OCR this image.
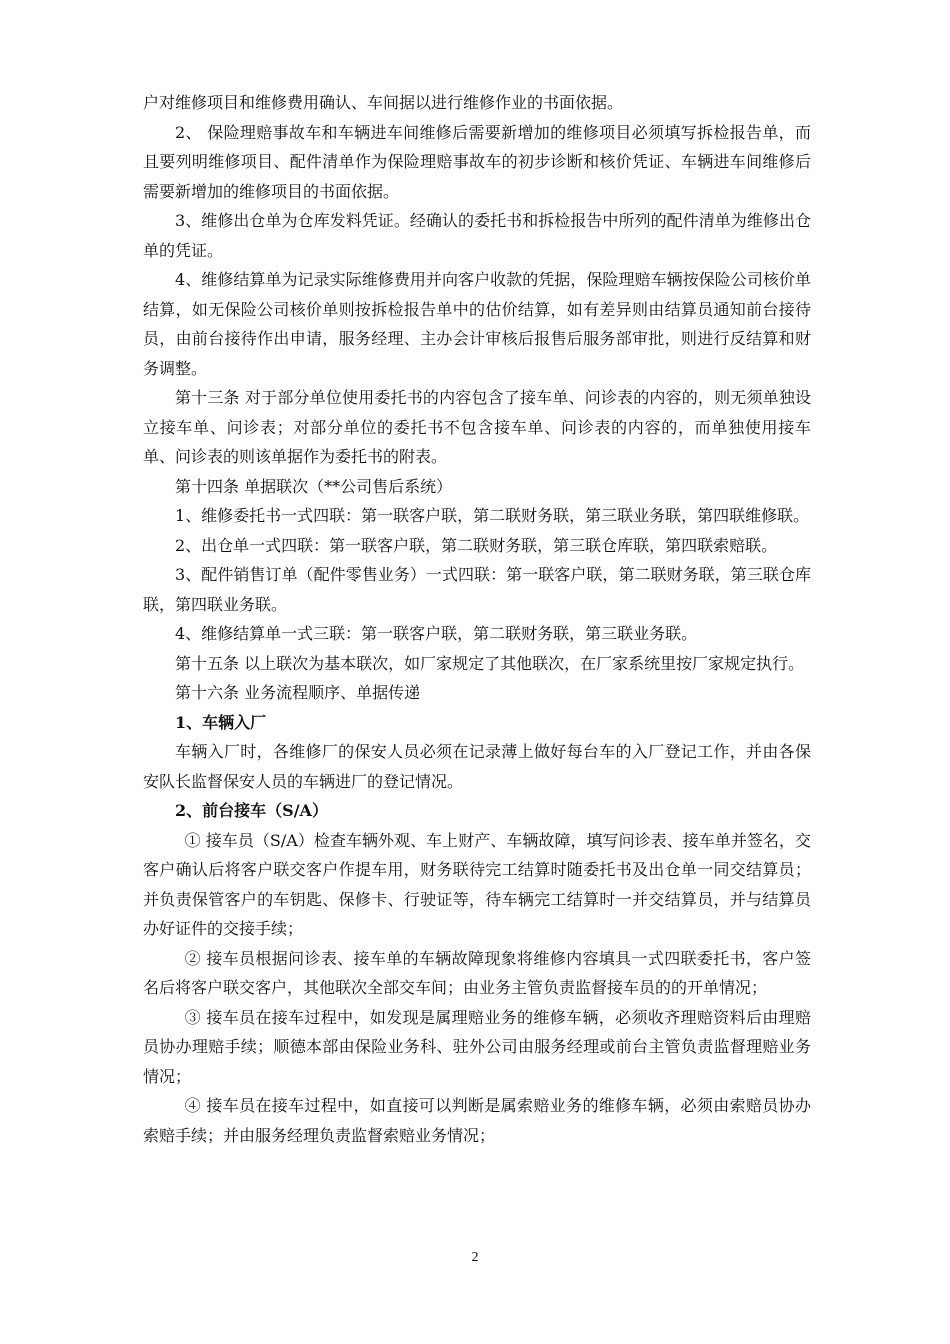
户对维修项目和维修费用确认、车间据以进行维修作业的书面依据。

2、 保险理赔事故车和车辆进车间维修后需要新增加的维修项目必须填写拆检报告单，而且要列明维修项目、配件清单作为保险理赔事故车的初步诊断和核价凭证、车辆进车间维修后需要新增加的维修项目的书面依据。

3、维修出仓单为仓库发料凭证。经确认的委托书和拆检报告中所列的配件清单为维修出仓单的凭证。

4、维修结算单为记录实际维修费用并向客户收款的凭据，保险理赔车辆按保险公司核价单结算，如无保险公司核价单则按拆检报告单中的估价结算，如有差异则由结算员通知前台接待员，由前台接待作出申请，服务经理、主办会计审核后报售后服务部审批，则进行反结算和财务调整。

第十三条 对于部分单位使用委托书的内容包含了接车单、问诊表的内容的，则无须单独设立接车单、问诊表；对部分单位的委托书不包含接车单、问诊表的内容的，而单独使用接车单、问诊表的则该单据作为委托书的附表。

第十四条 单据联次（**公司售后系统）

1、维修委托书一式四联：第一联客户联，第二联财务联，第三联业务联，第四联维修联。

2、出仓单一式四联：第一联客户联，第二联财务联，第三联仓库联，第四联索赔联。

3、配件销售订单（配件零售业务）一式四联：第一联客户联，第二联财务联，第三联仓库联，第四联业务联。

4、维修结算单一式三联：第一联客户联，第二联财务联，第三联业务联。

第十五条 以上联次为基本联次，如厂家规定了其他联次，在厂家系统里按厂家规定执行。

第十六条 业务流程顺序、单据传递

1、车辆入厂

车辆入厂时，各维修厂的保安人员必须在记录薄上做好每台车的入厂登记工作，并由各保安队长监督保安人员的车辆进厂的登记情况。

2、前台接车（S/A）

① 接车员（S/A）检查车辆外观、车上财产、车辆故障，填写问诊表、接车单并签名，交客户确认后将客户联交客户作提车用，财务联待完工结算时随委托书及出仓单一同交结算员；并负责保管客户的车钥匙、保修卡、行驶证等，待车辆完工结算时一并交结算员，并与结算员办好证件的交接手续；

② 接车员根据问诊表、接车单的车辆故障现象将维修内容填具一式四联委托书，客户签名后将客户联交客户，其他联次全部交车间；由业务主管负责监督接车员的的开单情况；

③ 接车员在接车过程中，如发现是属理赔业务的维修车辆，必须收齐理赔资料后由理赔员协办理赔手续；顺德本部由保险业务科、驻外公司由服务经理或前台主管负责监督理赔业务情况；

④ 接车员在接车过程中，如直接可以判断是属索赔业务的维修车辆，必须由索赔员协办索赔手续；并由服务经理负责监督索赔业务情况；

2
